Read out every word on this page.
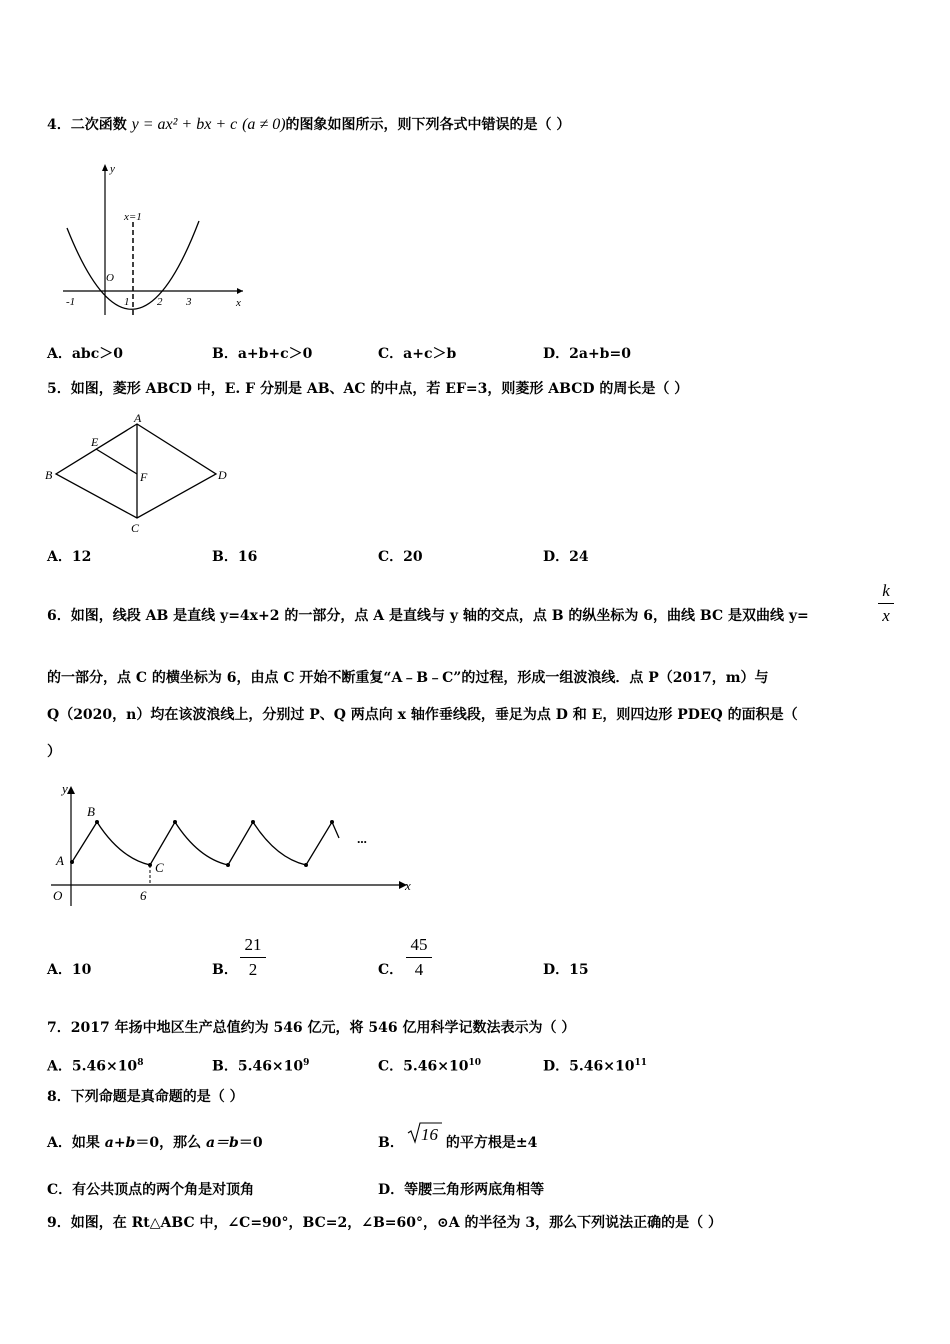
4．二次函数 y = ax² + bx + c (a ≠ 0)的图象如图所示，则下列各式中错误的是（ ）
y
x
O
x=1
-1	1	2 3
A．abc＞0	B．a+b+c＞0	C．a+c＞b	D．2a+b=0
5．如图，菱形 ABCD 中，E. F 分别是 AB、AC 的中点，若 EF=3，则菱形 ABCD 的周长是（ ）
A
B
C
D
E
F
A．12	B．16	C．20	D．24
6．如图，线段 AB 是直线 y=4x+2 的一部分，点 A 是直线与 y 轴的交点，点 B 的纵坐标为 6，曲线 BC 是双曲线 y=
k
x
的一部分，点 C 的横坐标为 6，由点 C 开始不断重复“A﹣B﹣C”的过程，形成一组波浪线．点 P（2017，m）与
Q（2020，n）均在该波浪线上，分别过 P、Q 两点向 x 轴作垂线段，垂足为点 D 和 E，则四边形 PDEQ 的面积是（
）
y
x
O
A
B
C
6
···
A．10	B．
21
2	C．
45
4	D．15
7．2017 年扬中地区生产总值约为 546 亿元，将 546 亿用科学记数法表示为（ ）
A．$5.46\times 10^8$	B．$5.46\times 10^9$	C．$5.46\times 10^{10}$	D．$5.46\times 10^{11}$
8．下列命题是真命题的是（ ）
A．如果 a+b＝0，那么 a＝b＝0	B．	的平方根是±4
16
C．有公共顶点的两个角是对顶角	D．等腰三角形两底角相等
9．如图，在 Rt△ABC 中，∠C=90°，BC=2，∠B=60°，⊙A 的半径为 3，那么下列说法正确的是（ ）
